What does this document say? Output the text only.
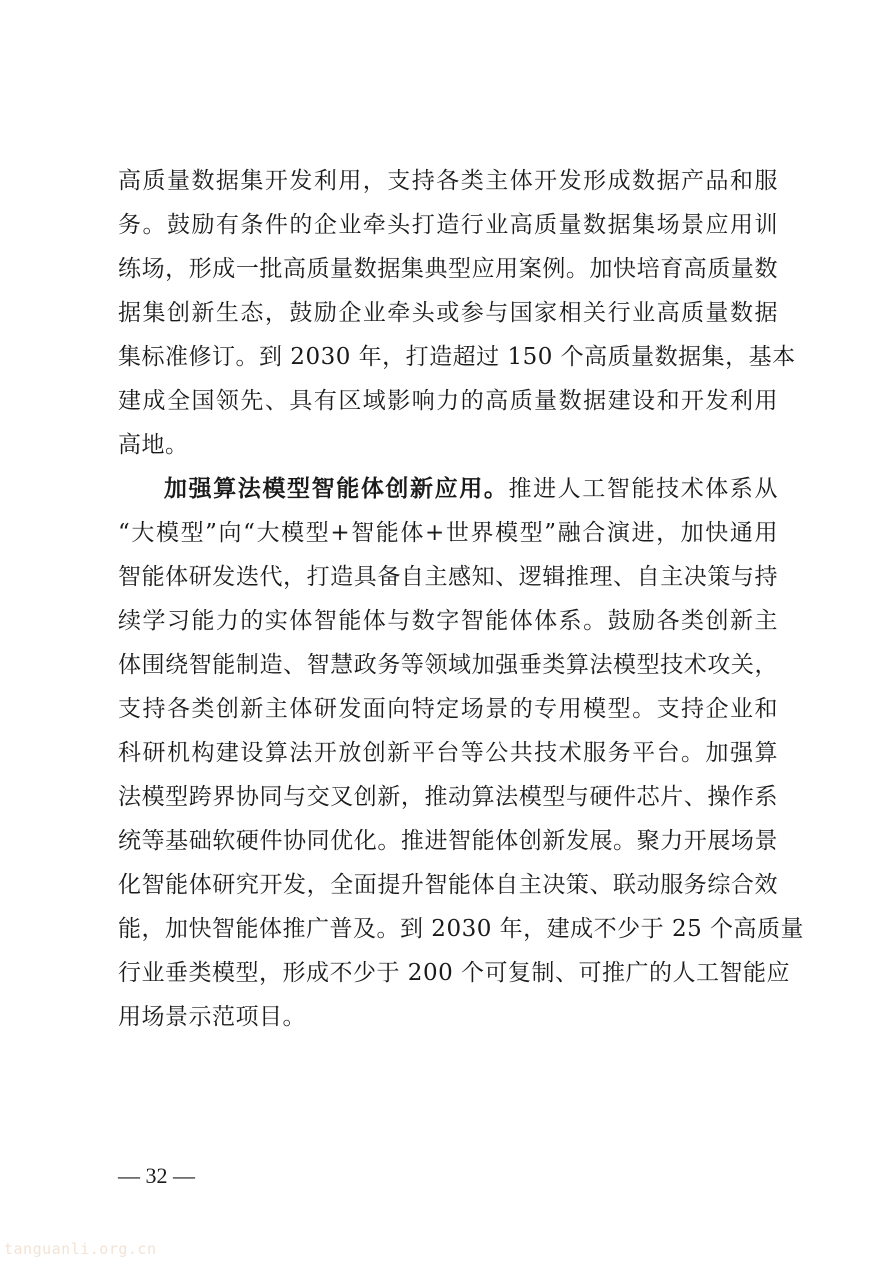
高质量数据集开发利用，支持各类主体开发形成数据产品和服
务。鼓励有条件的企业牵头打造行业高质量数据集场景应用训
练场，形成一批高质量数据集典型应用案例。加快培育高质量数
据集创新生态，鼓励企业牵头或参与国家相关行业高质量数据
集标准修订。到 2030 年，打造超过 150 个高质量数据集，基本
建成全国领先、具有区域影响力的高质量数据建设和开发利用
高地。
加强算法模型智能体创新应用。推进人工智能技术体系从
“大模型”向“大模型+智能体+世界模型”融合演进，加快通用
智能体研发迭代，打造具备自主感知、逻辑推理、自主决策与持
续学习能力的实体智能体与数字智能体体系。鼓励各类创新主
体围绕智能制造、智慧政务等领域加强垂类算法模型技术攻关，
支持各类创新主体研发面向特定场景的专用模型。支持企业和
科研机构建设算法开放创新平台等公共技术服务平台。加强算
法模型跨界协同与交叉创新，推动算法模型与硬件芯片、操作系
统等基础软硬件协同优化。推进智能体创新发展。聚力开展场景
化智能体研究开发，全面提升智能体自主决策、联动服务综合效
能，加快智能体推广普及。到 2030 年，建成不少于 25 个高质量
行业垂类模型，形成不少于 200 个可复制、可推广的人工智能应
用场景示范项目。
— 32 —
tanguanli.org.cn
